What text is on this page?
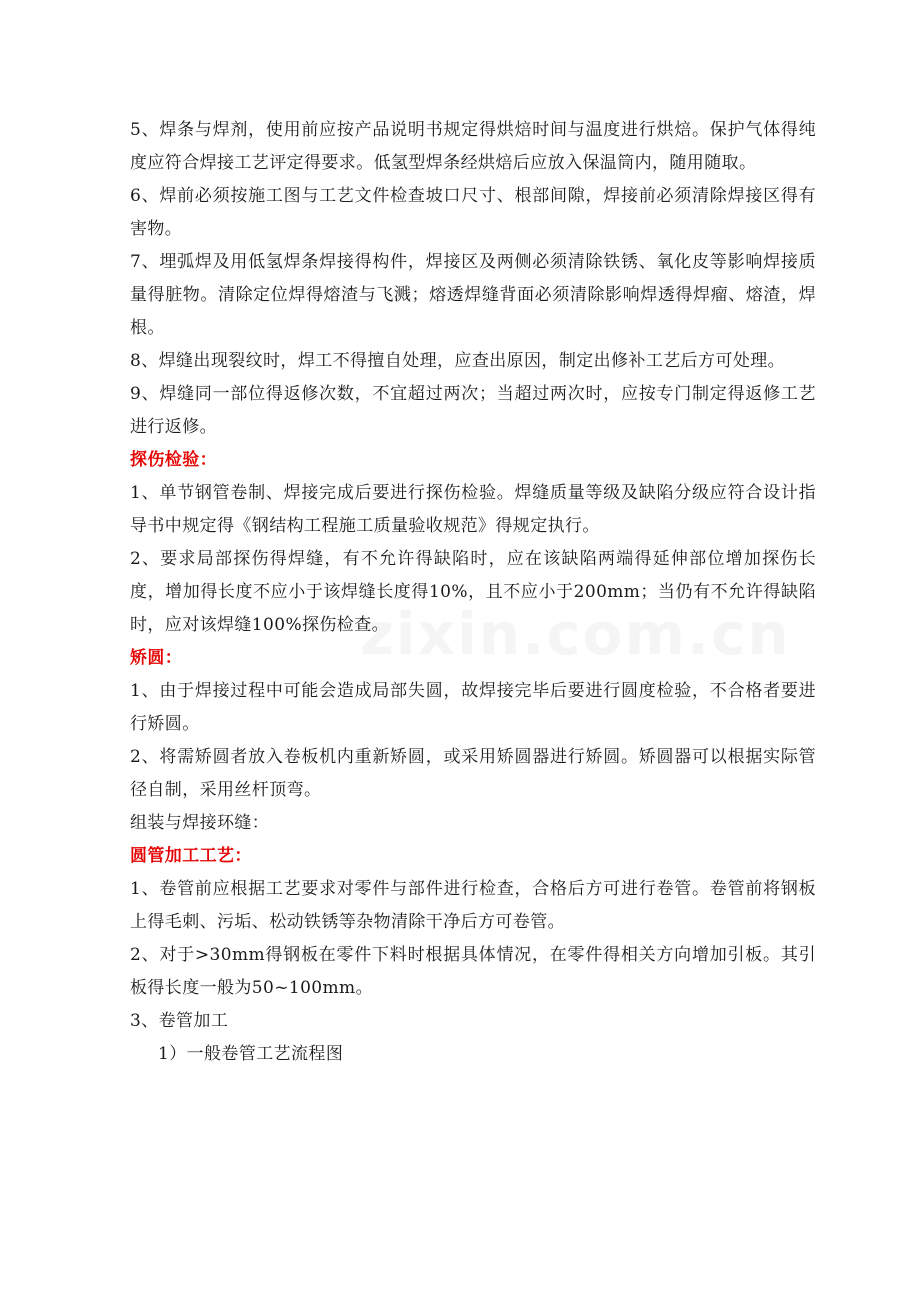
zixin.com.cn

5、焊条与焊剂，使用前应按产品说明书规定得烘焙时间与温度进行烘焙。保护气体得纯度应符合焊接工艺评定得要求。低氢型焊条经烘焙后应放入保温筒内，随用随取。

6、焊前必须按施工图与工艺文件检查坡口尺寸、根部间隙，焊接前必须清除焊接区得有害物。

7、埋弧焊及用低氢焊条焊接得构件，焊接区及两侧必须清除铁锈、氧化皮等影响焊接质量得脏物。清除定位焊得熔渣与飞溅；熔透焊缝背面必须清除影响焊透得焊瘤、熔渣，焊根。

8、焊缝出现裂纹时，焊工不得擅自处理，应查出原因，制定出修补工艺后方可处理。

9、焊缝同一部位得返修次数，不宜超过两次；当超过两次时，应按专门制定得返修工艺进行返修。

探伤检验：

1、单节钢管卷制、焊接完成后要进行探伤检验。焊缝质量等级及缺陷分级应符合设计指导书中规定得《钢结构工程施工质量验收规范》得规定执行。

2、要求局部探伤得焊缝，有不允许得缺陷时，应在该缺陷两端得延伸部位增加探伤长度，增加得长度不应小于该焊缝长度得10%，且不应小于200mm；当仍有不允许得缺陷时，应对该焊缝100%探伤检查。

矫圆：

1、由于焊接过程中可能会造成局部失圆，故焊接完毕后要进行圆度检验，不合格者要进行矫圆。

2、将需矫圆者放入卷板机内重新矫圆，或采用矫圆器进行矫圆。矫圆器可以根据实际管径自制，采用丝杆顶弯。

组装与焊接环缝：

圆管加工工艺：

1、卷管前应根据工艺要求对零件与部件进行检查，合格后方可进行卷管。卷管前将钢板上得毛刺、污垢、松动铁锈等杂物清除干净后方可卷管。

2、对于>30mm得钢板在零件下料时根据具体情况，在零件得相关方向增加引板。其引板得长度一般为50~100mm。

3、卷管加工

1）一般卷管工艺流程图
